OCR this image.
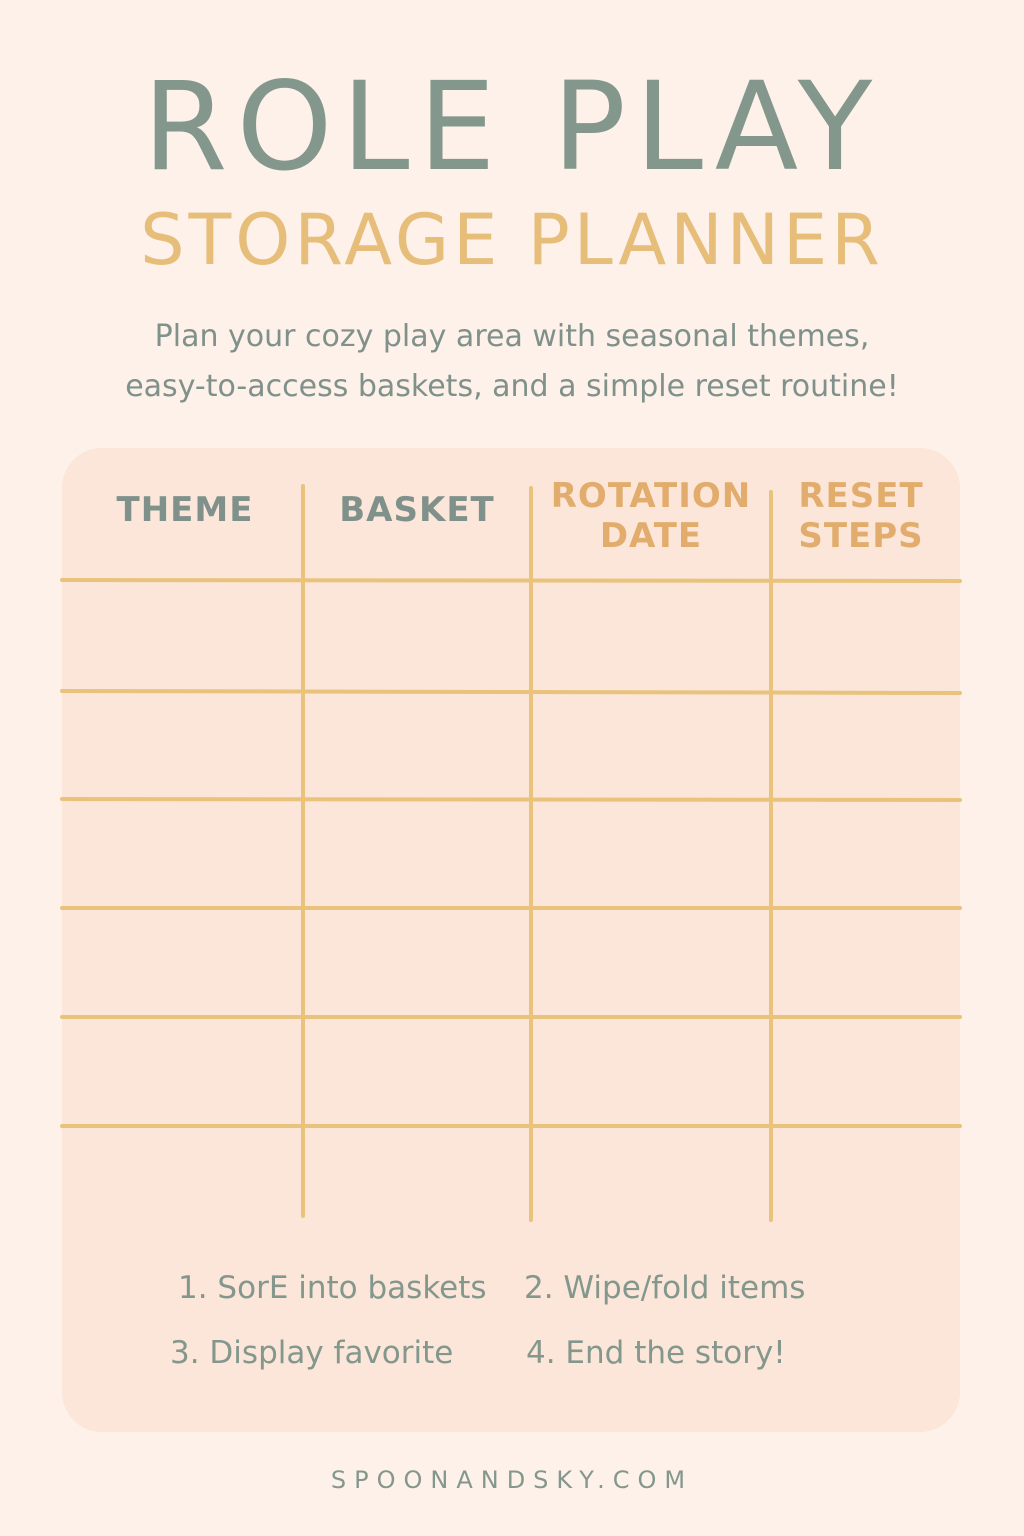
ROLE PLAY
STORAGE PLANNER
Plan your cozy play area with seasonal themes,
easy-to-access baskets, and a simple reset routine!
THEME	BASKET	ROTATION
DATE
RESET
STEPS
1. SorE into baskets 2. Wipe/fold items
3. Display favorite 4. End the story!
SPOONANDSKY.COM
